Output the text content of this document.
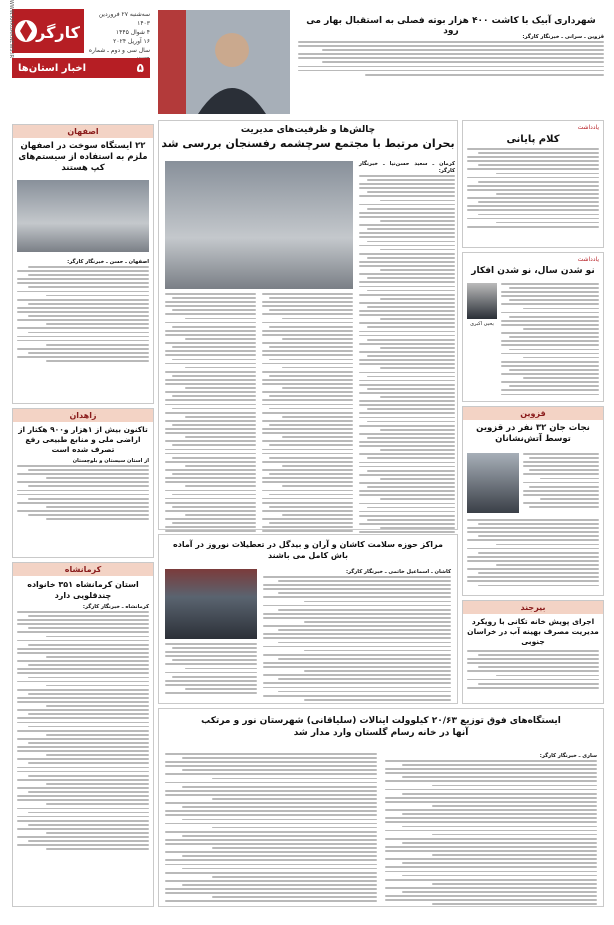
کارگر
WWW.KARGARNEWS.IR	سه‌شنبه ۲۷ فروردین ۱۴۰۳
۴ شوال ۱۴۴۵
۱۶ آوریل ۲۰۲۴
سال سی و دوم ـ شماره
۵
اخبار استان‌ها
اصفهان
۲۲ ایستگاه سوخت در اصفهان ملزم به استفاده از سیستم‌های کپ هستند
اصفهان ـ حسن ـ خبرنگار کارگر:
زاهدان
تاکنون بیش از ۱هزار و۹۰۰ هکتار از اراضی ملی و منابع طبیعی رفع تصرف شده است
از استان سیستان و بلوچستان
کرمانشاه
استان کرمانشاه ۳۵۱ خانواده چندقلویی دارد
کرمانشاه ـ خبرنگار کارگر:
شهرداری آبیک با کاشت ۴۰۰ هزار بوته فصلی به استقبال بهار می رود
قزوین ـ سرانی ـ خبرنگار کارگر:
چالش‌ها و ظرفیت‌های مدیریت
بحران مرتبط با مجتمع سرچشمه رفسنجان بررسی شد
کرمان ـ سعید حسن‌نیا ـ خبرنگار کارگر:
مراکز حوزه سلامت کاشان و آران و بیدگل در تعطیلات نوروز در آماده باش کامل می باشند
کاشان ـ اسماعیل خاتمی ـ خبرنگار کارگر:
ایستگاه‌های فوق توزیع ۲۰/۶۳ کیلوولت اینالات (سلیاقانی) شهرستان نور و مرتکب آنها در خانه رسام گلستان وارد مدار شد
ساری ـ خبرنگار کارگر:
یادداشت
کلام پایانی
یادداشت
نو شدن سال، نو شدن افکار
یحیی اکبری
قزوین
نجات جان ۳۲ نفر در قزوین توسط آتش‌نشانان
بیرجند
اجرای پویش خانه تکانی با رویکرد مدیریت مصرف بهینه آب در خراسان جنوبی
